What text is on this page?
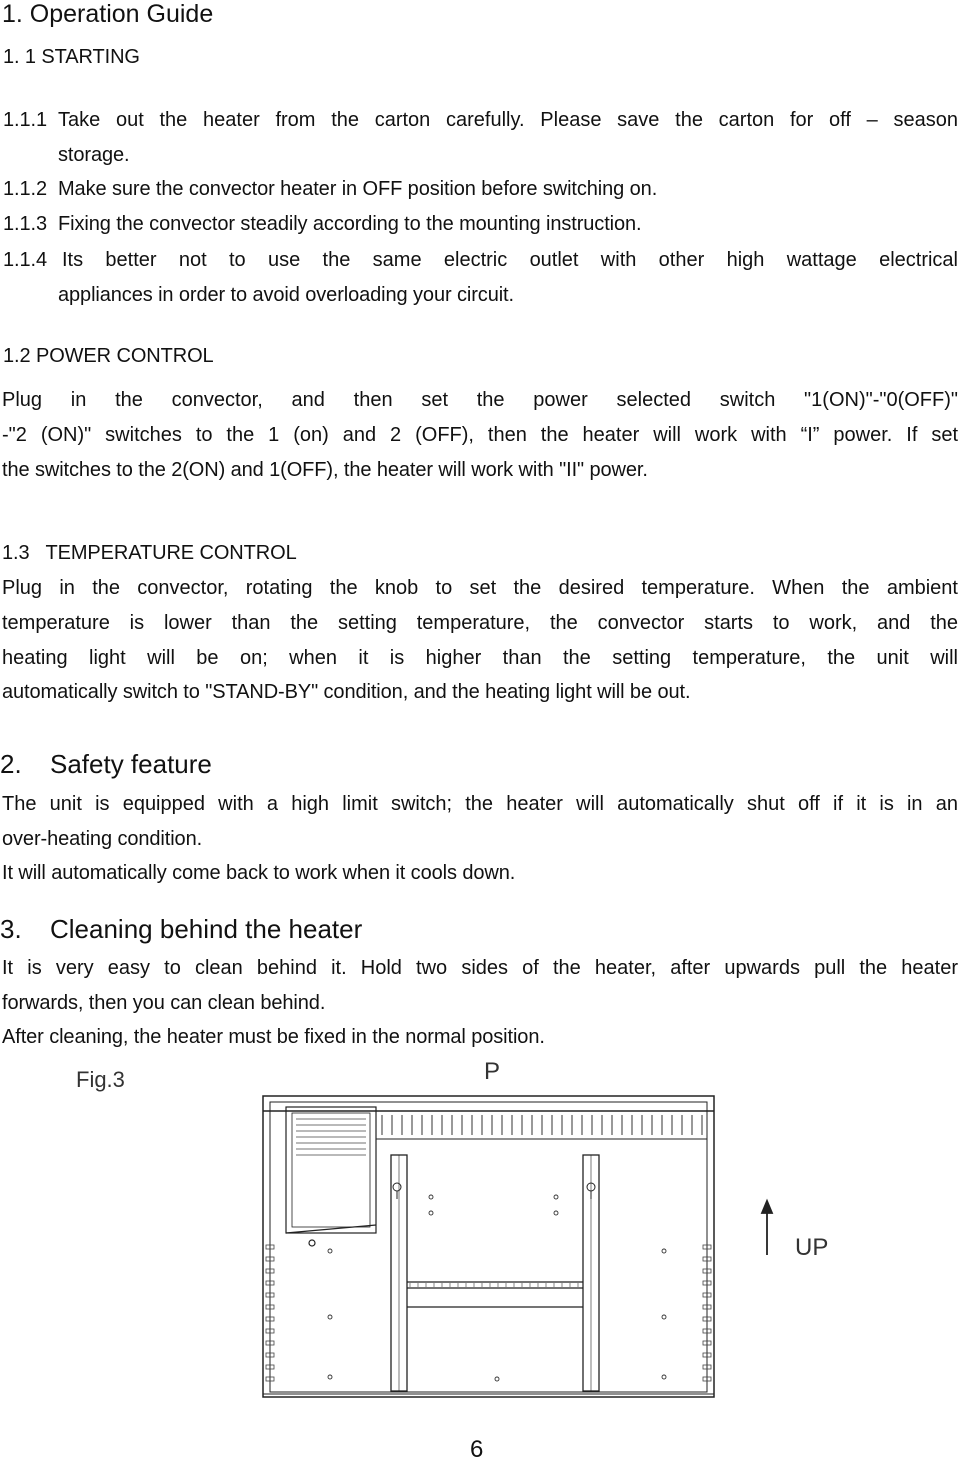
1. Operation Guide
1. 1 STARTING
1.1.1 Take out the heater from the carton carefully. Please save the carton for off – season
storage.
1.1.2 Make sure the convector heater in OFF position before switching on.
1.1.3 Fixing the convector steadily according to the mounting instruction.
1.1.4 Its better not to use the same electric outlet with other high wattage electrical
appliances in order to avoid overloading your circuit.
1.2 POWER CONTROL
Plug in the convector, and then set the power selected switch "1(ON)"-"0(OFF)"
-"2 (ON)" switches to the 1 (on) and 2 (OFF), then the heater will work with “I” power. If set
the switches to the 2(ON) and 1(OFF), the heater will work with "II" power.
1.3   TEMPERATURE CONTROL
Plug in the convector, rotating the knob to set the desired temperature. When the ambient
temperature is lower than the setting temperature, the convector starts to work, and the
heating light will be on; when it is higher than the setting temperature, the unit will
automatically switch to "STAND-BY" condition, and the heating light will be out.
2. Safety feature
The unit is equipped with a high limit switch; the heater will automatically shut off if it is in an
over-heating condition.
It will automatically come back to work when it cools down.
3. Cleaning behind the heater
It is very easy to clean behind it. Hold two sides of the heater, after upwards pull the heater
forwards, then you can clean behind.
After cleaning, the heater must be fixed in the normal position.
Fig.3	P
UP
6
